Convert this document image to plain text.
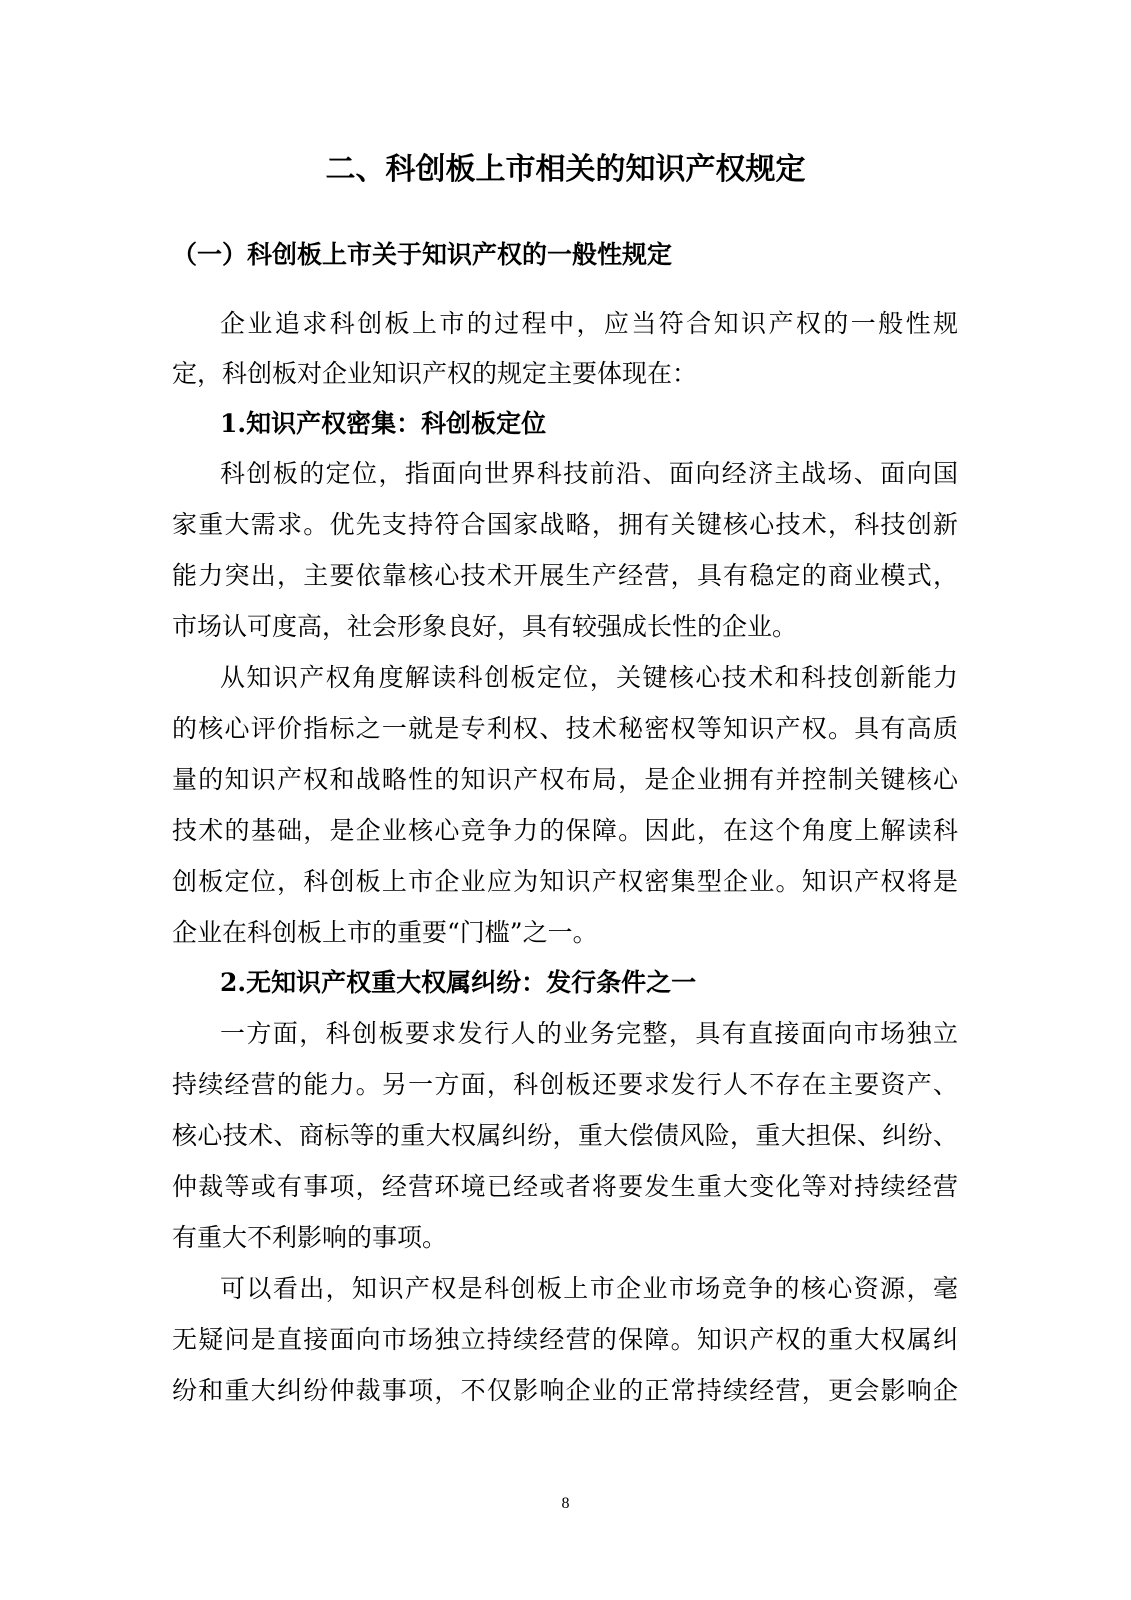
二、科创板上市相关的知识产权规定
（一）科创板上市关于知识产权的一般性规定
企业追求科创板上市的过程中，应当符合知识产权的一般性规
定，科创板对企业知识产权的规定主要体现在：
1.知识产权密集：科创板定位
科创板的定位，指面向世界科技前沿、面向经济主战场、面向国
家重大需求。优先支持符合国家战略，拥有关键核心技术，科技创新
能力突出，主要依靠核心技术开展生产经营，具有稳定的商业模式，
市场认可度高，社会形象良好，具有较强成长性的企业。
从知识产权角度解读科创板定位，关键核心技术和科技创新能力
的核心评价指标之一就是专利权、技术秘密权等知识产权。具有高质
量的知识产权和战略性的知识产权布局，是企业拥有并控制关键核心
技术的基础，是企业核心竞争力的保障。因此，在这个角度上解读科
创板定位，科创板上市企业应为知识产权密集型企业。知识产权将是
企业在科创板上市的重要“门槛”之一。
2.无知识产权重大权属纠纷：发行条件之一
一方面，科创板要求发行人的业务完整，具有直接面向市场独立
持续经营的能力。另一方面，科创板还要求发行人不存在主要资产、
核心技术、商标等的重大权属纠纷，重大偿债风险，重大担保、纠纷、
仲裁等或有事项，经营环境已经或者将要发生重大变化等对持续经营
有重大不利影响的事项。
可以看出，知识产权是科创板上市企业市场竞争的核心资源，毫
无疑问是直接面向市场独立持续经营的保障。知识产权的重大权属纠
纷和重大纠纷仲裁事项，不仅影响企业的正常持续经营，更会影响企
8
